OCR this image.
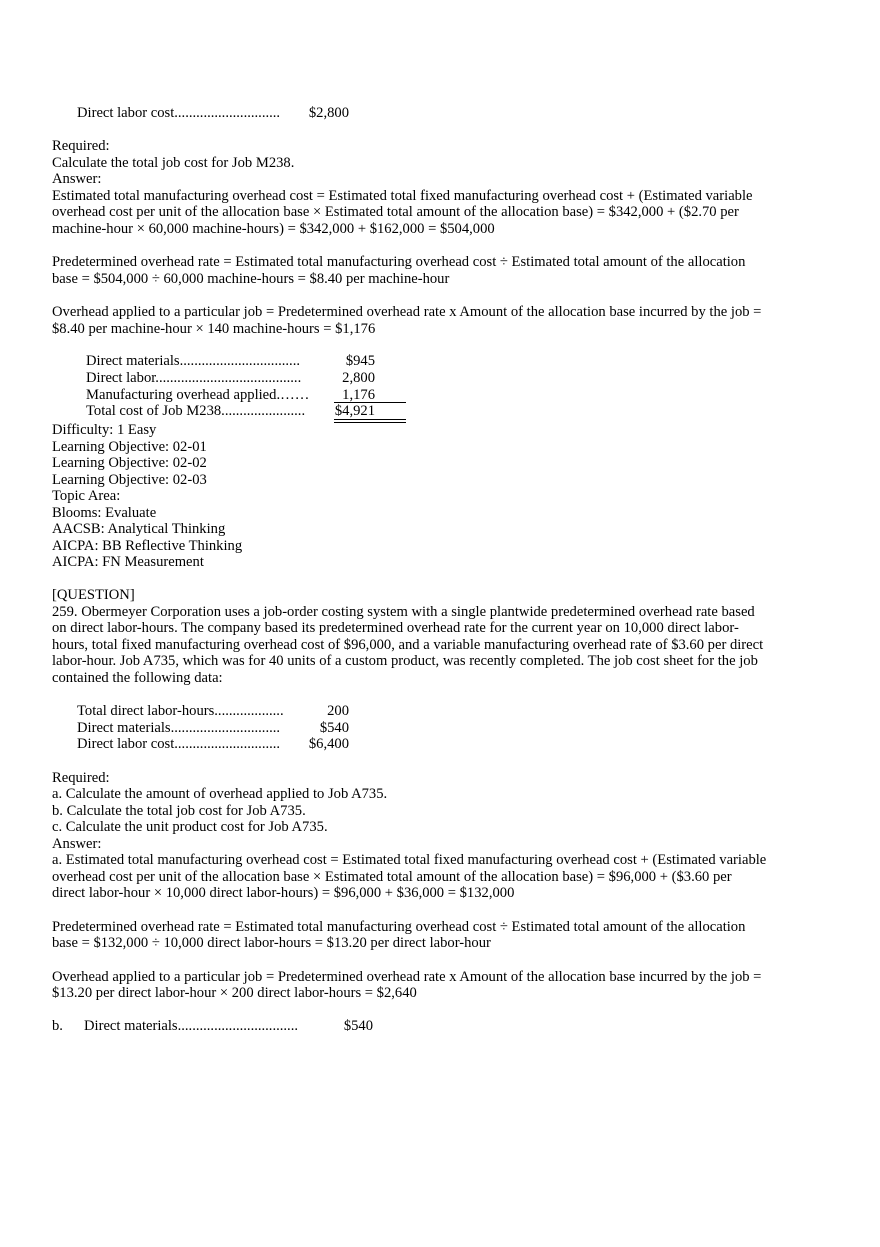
Direct labor cost.............................	$2,800
Required:
Calculate the total job cost for Job M238.
Answer:
Estimated total manufacturing overhead cost = Estimated total fixed manufacturing overhead cost + (Estimated variable
overhead cost per unit of the allocation base × Estimated total amount of the allocation base) = $342,000 + ($2.70 per
machine-hour × 60,000 machine-hours) = $342,000 + $162,000 = $504,000
Predetermined overhead rate = Estimated total manufacturing overhead cost ÷ Estimated total amount of the allocation
base = $504,000 ÷ 60,000 machine-hours = $8.40 per machine-hour
Overhead applied to a particular job = Predetermined overhead rate x Amount of the allocation base incurred by the job =
$8.40 per machine-hour × 140 machine-hours = $1,176
Direct materials.................................	$945
Direct labor........................................	2,800
Manufacturing overhead applied.……	1,176
Total cost of Job M238.......................	$4,921
Difficulty: 1 Easy
Learning Objective: 02-01
Learning Objective: 02-02
Learning Objective: 02-03
Topic Area:
Blooms: Evaluate
AACSB: Analytical Thinking
AICPA: BB Reflective Thinking
AICPA: FN Measurement
[QUESTION]
259. Obermeyer Corporation uses a job-order costing system with a single plantwide predetermined overhead rate based
on direct labor-hours. The company based its predetermined overhead rate for the current year on 10,000 direct labor-
hours, total fixed manufacturing overhead cost of $96,000, and a variable manufacturing overhead rate of $3.60 per direct
labor-hour. Job A735, which was for 40 units of a custom product, was recently completed. The job cost sheet for the job
contained the following data:
Total direct labor-hours...................	200
Direct materials..............................	$540
Direct labor cost.............................	$6,400
Required:
a. Calculate the amount of overhead applied to Job A735.
b. Calculate the total job cost for Job A735.
c. Calculate the unit product cost for Job A735.
Answer:
a. Estimated total manufacturing overhead cost = Estimated total fixed manufacturing overhead cost + (Estimated variable
overhead cost per unit of the allocation base × Estimated total amount of the allocation base) = $96,000 + ($3.60 per
direct labor-hour × 10,000 direct labor-hours) = $96,000 + $36,000 = $132,000
Predetermined overhead rate = Estimated total manufacturing overhead cost ÷ Estimated total amount of the allocation
base = $132,000 ÷ 10,000 direct labor-hours = $13.20 per direct labor-hour
Overhead applied to a particular job = Predetermined overhead rate x Amount of the allocation base incurred by the job =
$13.20 per direct labor-hour × 200 direct labor-hours = $2,640
b. Direct materials.................................	$540
